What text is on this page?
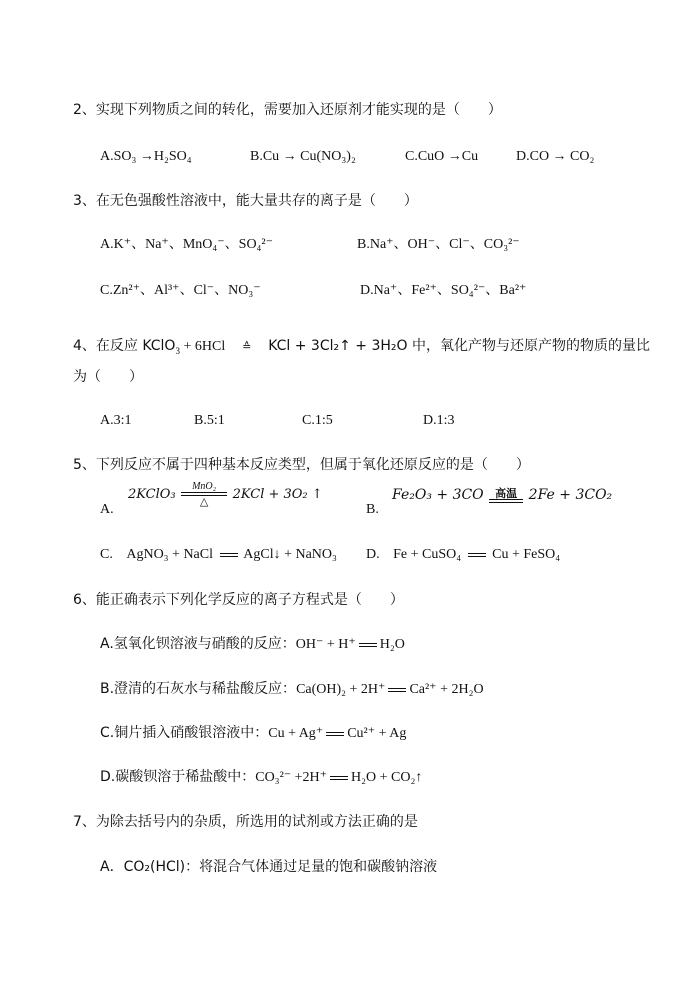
2、实现下列物质之间的转化，需要加入还原剂才能实现的是（　　）
A.SO₃ →H₂SO₄	B.Cu → Cu(NO₃)₂	C.CuO →Cu	D.CO → CO₂
3、在无色强酸性溶液中，能大量共存的离子是（　　）
A.K⁺、Na⁺、MnO₄⁻、SO₄²⁻	B.Na⁺、OH⁻、Cl⁻、CO₃²⁻
C.Zn²⁺、Al³⁺、Cl⁻、NO₃⁻	D.Na⁺、Fe²⁺、SO₄²⁻、Ba²⁺
4、在反应 KClO$_3$ + 6HCl ≙ KCl + 3Cl₂↑ + 3H₂O 中，氧化产物与还原产物的物质的量比
为（　　）
A.3:1	B.5:1	C.1:5	D.1:3
5、下列反应不属于四种基本反应类型，但属于氧化还原反应的是（　　）
A.
2KClO₃ $\frac{\text{MnO₂}}{\triangle} 2KCl + 3O_2$ ↑
B.
Fe₂O₃ + 3CO	高温 2Fe + 3CO₂
C. AgNO₃ + NaCl AgCl↓ + NaNO₃ D. Fe + CuSO₄ Cu + FeSO₄
6、能正确表示下列化学反应的离子方程式是（　　）
A.氢氧化钡溶液与硝酸的反应：OH⁻ + H⁺ H₂O
B.澄清的石灰水与稀盐酸反应：Ca(OH)₂ + 2H⁺ Ca²⁺ + 2H₂O
C.铜片插入硝酸银溶液中：Cu + Ag⁺ Cu²⁺ + Ag
D.碳酸钡溶于稀盐酸中：CO₃²⁻ +2H⁺ H₂O + CO₂↑
7、为除去括号内的杂质，所选用的试剂或方法正确的是
A．CO₂(HCl)：将混合气体通过足量的饱和碳酸钠溶液
